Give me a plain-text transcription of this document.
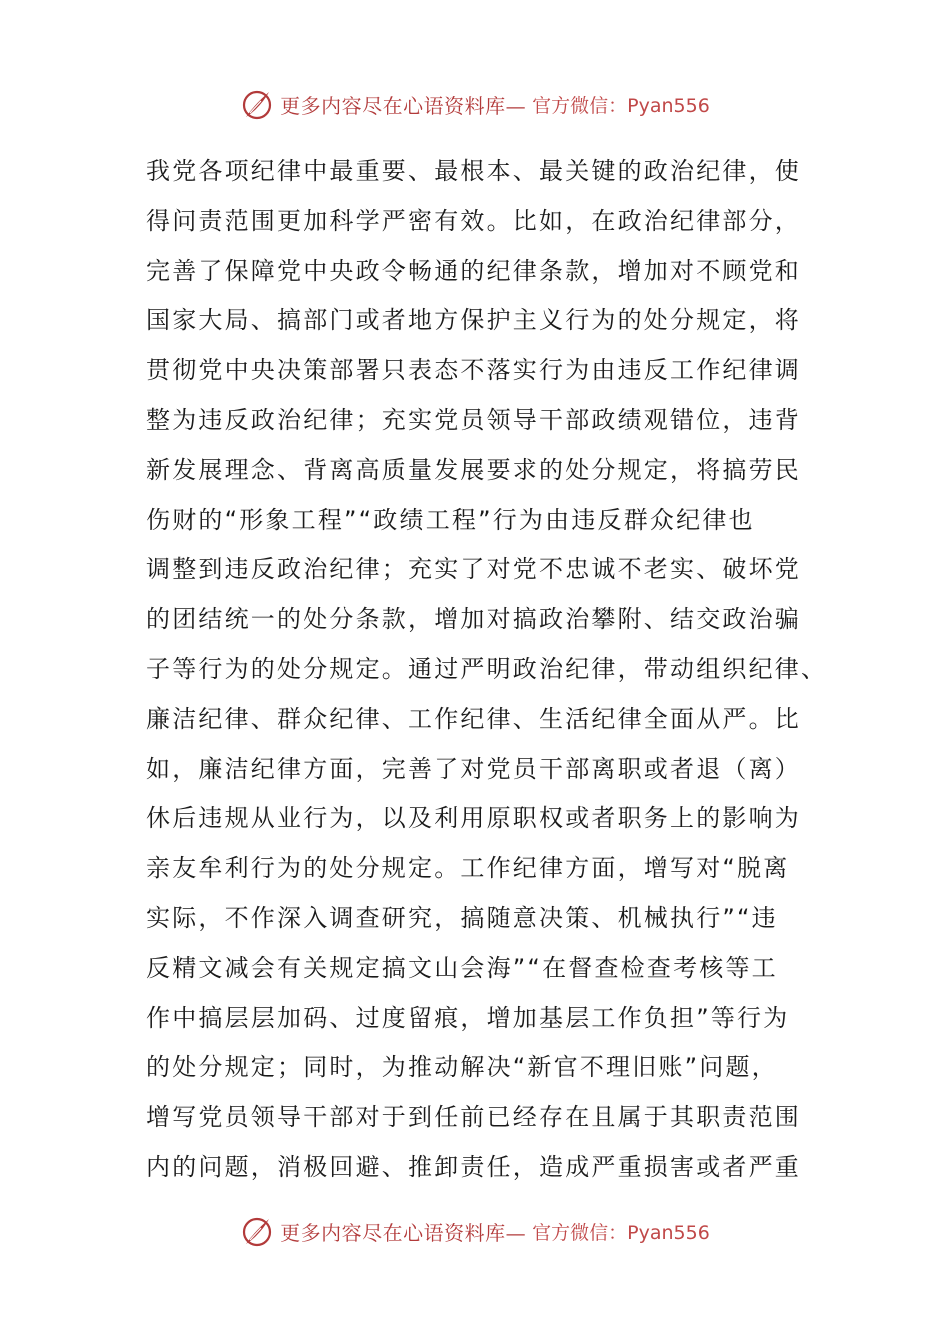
更多内容尽在心语资料库— 官方微信：Pyan556
我党各项纪律中最重要、最根本、最关键的政治纪律，使
得问责范围更加科学严密有效。比如，在政治纪律部分，
完善了保障党中央政令畅通的纪律条款，增加对不顾党和
国家大局、搞部门或者地方保护主义行为的处分规定，将
贯彻党中央决策部署只表态不落实行为由违反工作纪律调
整为违反政治纪律；充实党员领导干部政绩观错位，违背
新发展理念、背离高质量发展要求的处分规定，将搞劳民
伤财的“形象工程”“政绩工程”行为由违反群众纪律也
调整到违反政治纪律；充实了对党不忠诚不老实、破坏党
的团结统一的处分条款，增加对搞政治攀附、结交政治骗
子等行为的处分规定。通过严明政治纪律，带动组织纪律、
廉洁纪律、群众纪律、工作纪律、生活纪律全面从严。比
如，廉洁纪律方面，完善了对党员干部离职或者退（离）
休后违规从业行为，以及利用原职权或者职务上的影响为
亲友牟利行为的处分规定。工作纪律方面，增写对“脱离
实际，不作深入调查研究，搞随意决策、机械执行”“违
反精文减会有关规定搞文山会海”“在督查检查考核等工
作中搞层层加码、过度留痕，增加基层工作负担”等行为
的处分规定；同时，为推动解决“新官不理旧账”问题，
增写党员领导干部对于到任前已经存在且属于其职责范围
内的问题，消极回避、推卸责任，造成严重损害或者严重
更多内容尽在心语资料库— 官方微信：Pyan556
